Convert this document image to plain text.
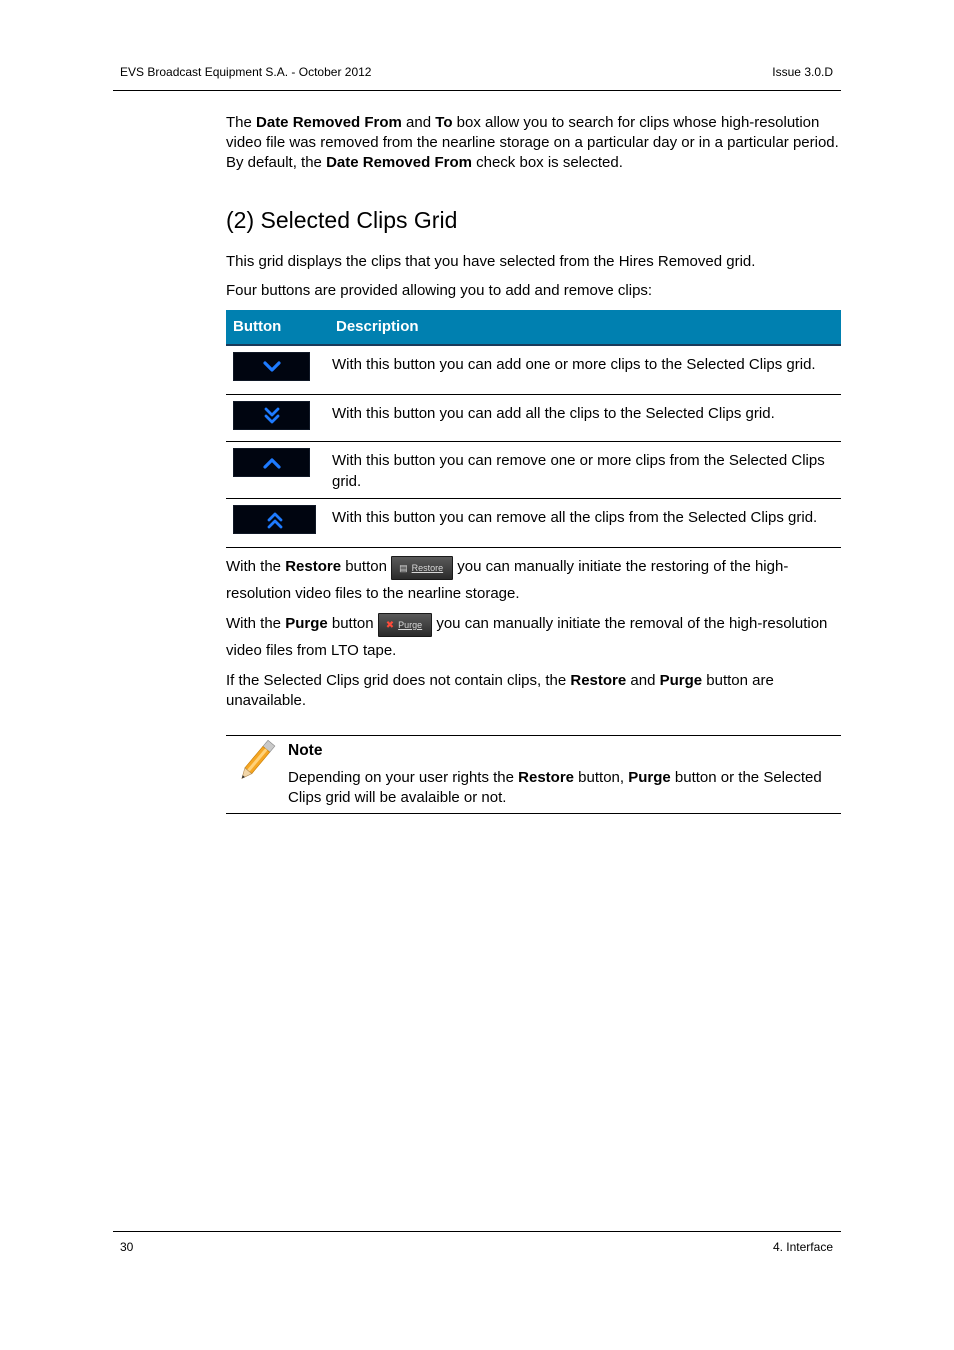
EVS Broadcast Equipment S.A. - October 2012	Issue 3.0.D

The Date Removed From and To box allow you to search for clips whose high-resolution video file was removed from the nearline storage on a particular day or in a particular period. By default, the Date Removed From check box is selected.

(2) Selected Clips Grid

This grid displays the clips that you have selected from the Hires Removed grid.

Four buttons are provided allowing you to add and remove clips:

Button	Description

	With this button you can add one or more clips to the Selected Clips grid.

	With this button you can add all the clips to the Selected Clips grid.

	With this button you can remove one or more clips from the Selected Clips grid.

	With this button you can remove all the clips from the Selected Clips grid.

With the Restore button ▤ Restore you can manually initiate the restoring of the high-resolution video files to the nearline storage.

With the Purge button ✖ Purge you can manually initiate the removal of the high-resolution video files from LTO tape.

If the Selected Clips grid does not contain clips, the Restore and Purge button are unavailable.

Note

Depending on your user rights the Restore button, Purge button or the Selected Clips grid will be avalaible or not.

30	4. Interface
